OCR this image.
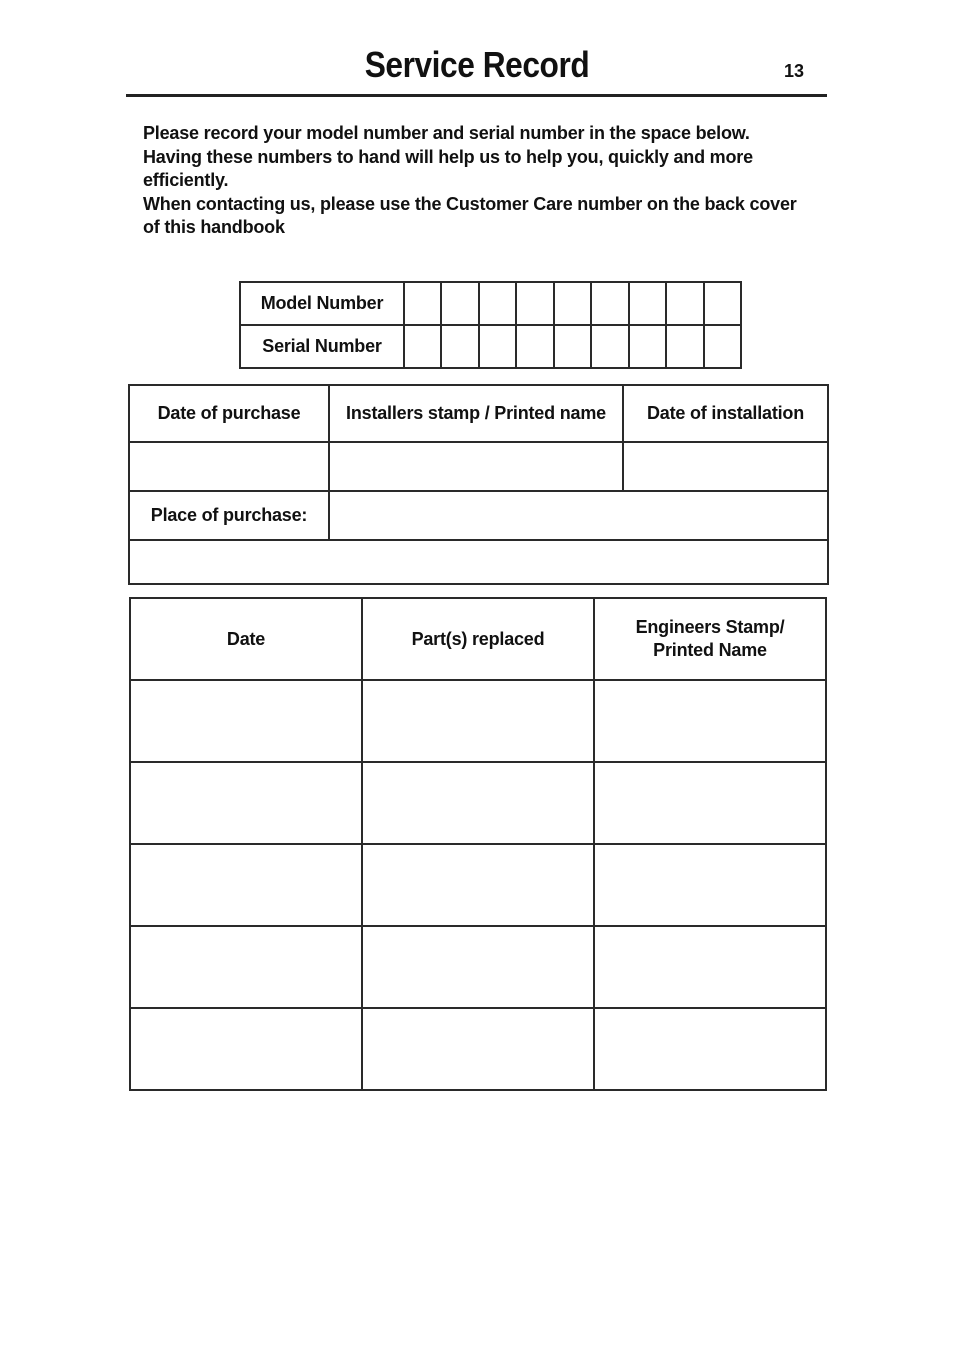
Service Record	13

Please record your model number and serial number in the space below. Having these numbers to hand will help us to help you, quickly and more efficiently.

When contacting us, please use the Customer Care number on the back cover of this handbook

Model Number									
Serial Number									
Date of purchase	Installers stamp / Printed name	Date of installation

Place of purchase:		

Date	Part(s) replaced	Engineers Stamp/
Printed Name
